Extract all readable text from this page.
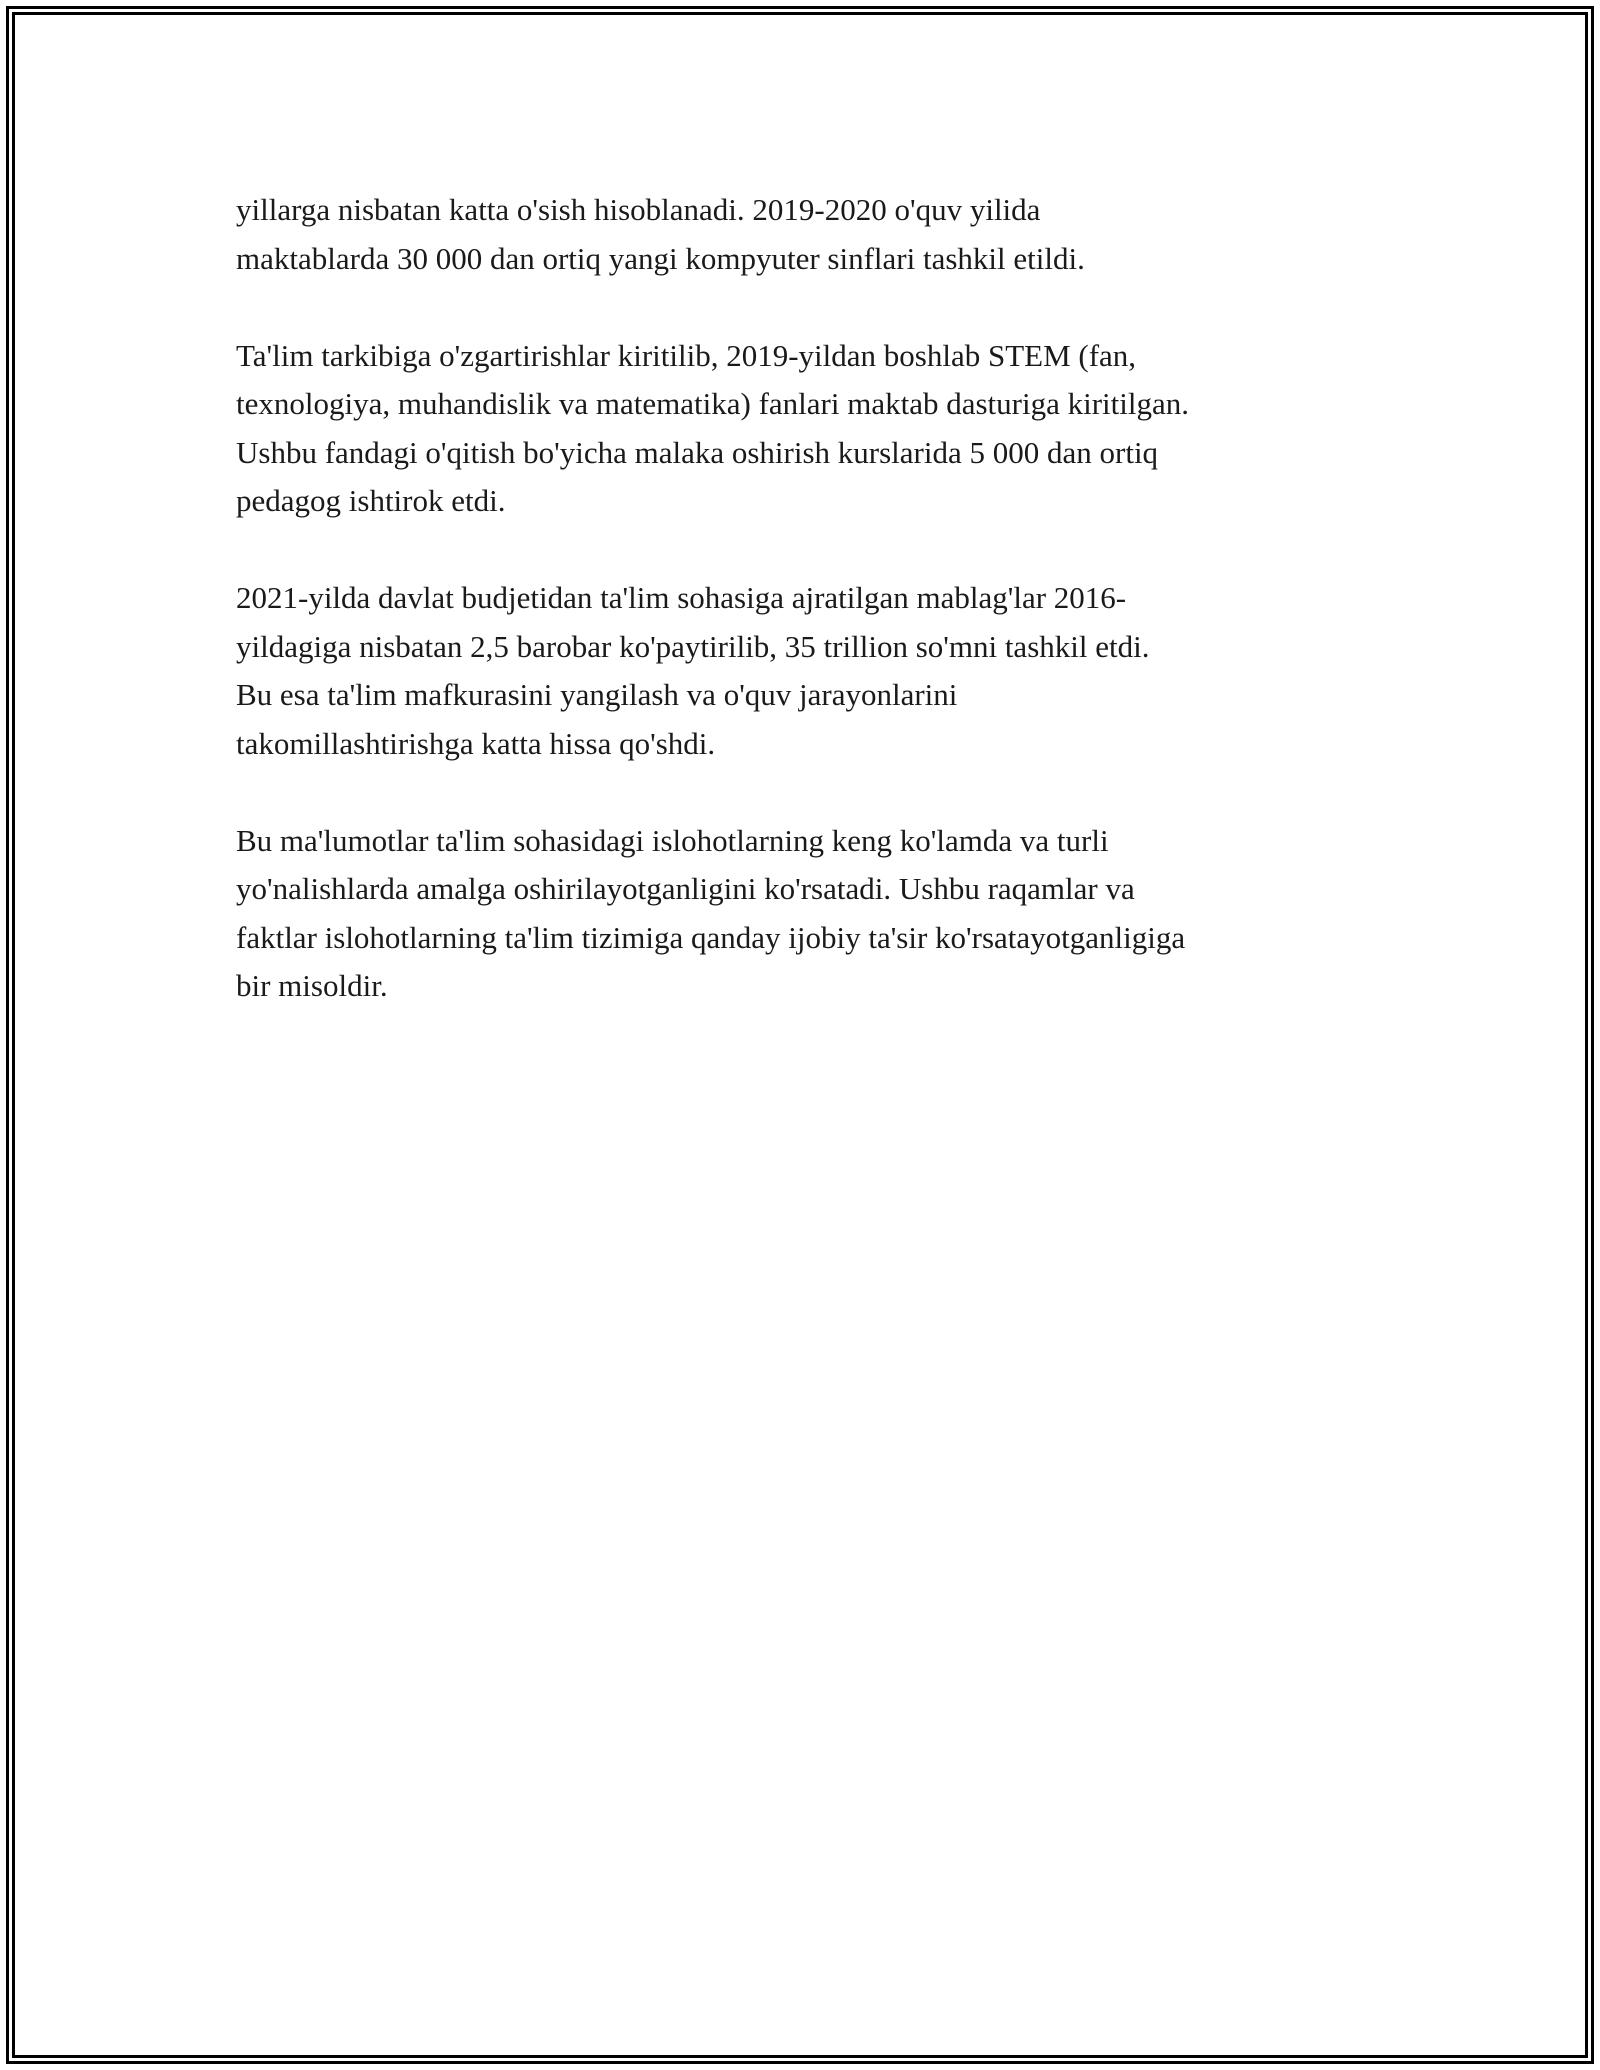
yillarga nisbatan katta o'sish hisoblanadi. 2019-2020 o'quv yilida
maktablarda 30 000 dan ortiq yangi kompyuter sinflari tashkil etildi.

Ta'lim tarkibiga o'zgartirishlar kiritilib, 2019-yildan boshlab STEM (fan,
texnologiya, muhandislik va matematika) fanlari maktab dasturiga kiritilgan.
Ushbu fandagi o'qitish bo'yicha malaka oshirish kurslarida 5 000 dan ortiq
pedagog ishtirok etdi.

2021-yilda davlat budjetidan ta'lim sohasiga ajratilgan mablag'lar 2016-
yildagiga nisbatan 2,5 barobar ko'paytirilib, 35 trillion so'mni tashkil etdi.
Bu esa ta'lim mafkurasini yangilash va o'quv jarayonlarini
takomillashtirishga katta hissa qo'shdi.

Bu ma'lumotlar ta'lim sohasidagi islohotlarning keng ko'lamda va turli
yo'nalishlarda amalga oshirilayotganligini ko'rsatadi. Ushbu raqamlar va
faktlar islohotlarning ta'lim tizimiga qanday ijobiy ta'sir ko'rsatayotganligiga
bir misoldir.
